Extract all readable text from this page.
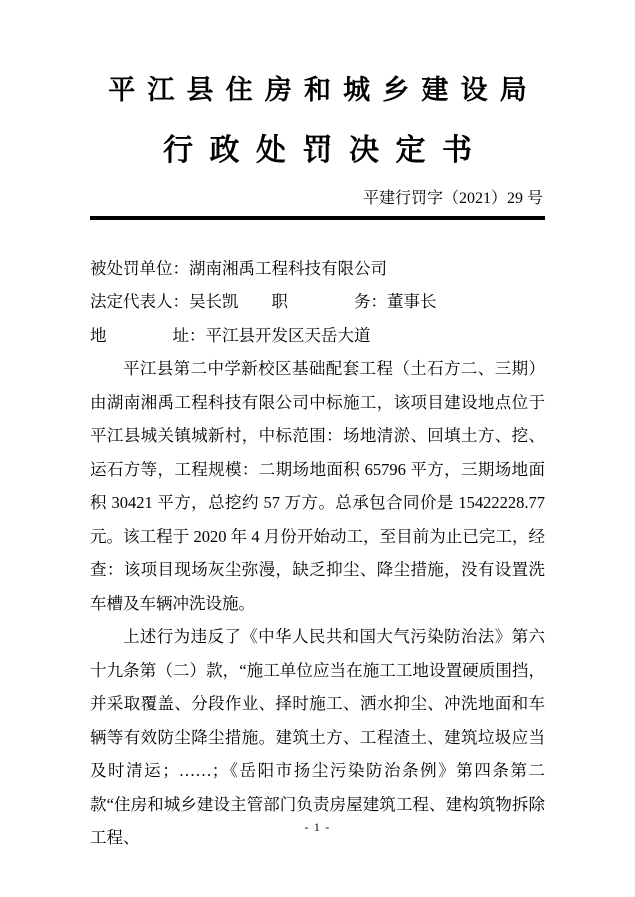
平江县住房和城乡建设局
行政处罚决定书
平建行罚字（2021）29 号
被处罚单位：湖南湘禹工程科技有限公司
法定代表人：吴长凯　　职　　　　务：董事长
地　　　　址：平江县开发区天岳大道

平江县第二中学新校区基础配套工程（土石方二、三期）由湖南湘禹工程科技有限公司中标施工，该项目建设地点位于平江县城关镇城新村，中标范围：场地清淤、回填土方、挖、运石方等，工程规模：二期场地面积 65796 平方，三期场地面积 30421 平方，总挖约 57 万方。总承包合同价是 15422228.77 元。该工程于 2020 年 4 月份开始动工，至目前为止已完工，经查：该项目现场灰尘弥漫，缺乏抑尘、降尘措施，没有设置洗车槽及车辆冲洗设施。

上述行为违反了《中华人民共和国大气污染防治法》第六十九条第（二）款，“施工单位应当在施工工地设置硬质围挡，并采取覆盖、分段作业、择时施工、洒水抑尘、冲洗地面和车辆等有效防尘降尘措施。建筑土方、工程渣土、建筑垃圾应当及时清运；……；《岳阳市扬尘污染防治条例》第四条第二款“住房和城乡建设主管部门负责房屋建筑工程、建构筑物拆除工程、

- 1 -
